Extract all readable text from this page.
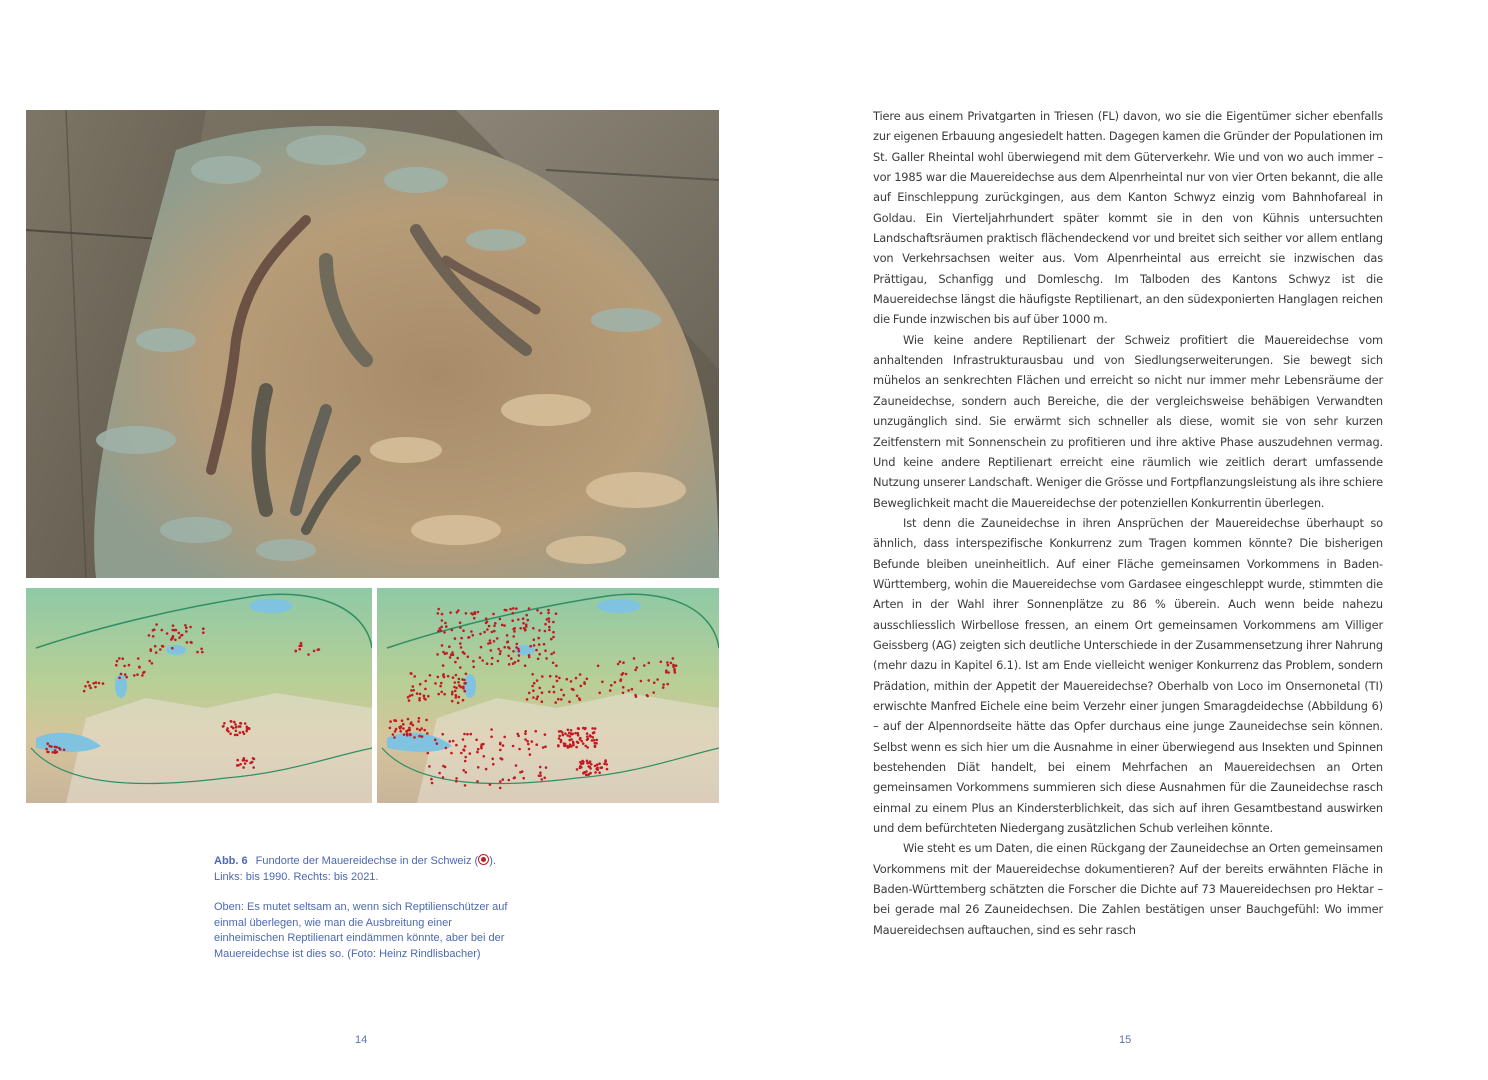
Abb. 6 Fundorte der Mauereidechse in der Schweiz ( ).

Links: bis 1990. Rechts: bis 2021.

Oben: Es mutet seltsam an, wenn sich Reptilienschützer auf einmal überlegen, wie man die Ausbreitung einer einheimischen Reptilienart eindämmen könnte, aber bei der Mauereidechse ist dies so. (Foto: Heinz Rindlisbacher)

14

Tiere aus einem Privatgarten in Triesen (FL) davon, wo sie die Eigentümer sicher ebenfalls zur eigenen Erbauung angesiedelt hatten. Dagegen kamen die Gründer der Populationen im St. Galler Rheintal wohl überwiegend mit dem Güterverkehr. Wie und von wo auch immer – vor 1985 war die Mauereidechse aus dem Alpenrheintal nur von vier Orten bekannt, die alle auf Einschleppung zurückgingen, aus dem Kanton Schwyz einzig vom Bahnhofareal in Goldau. Ein Vierteljahrhundert später kommt sie in den von Kühnis untersuchten Landschaftsräumen praktisch flächendeckend vor und breitet sich seither vor allem entlang von Verkehrsachsen weiter aus. Vom Alpenrheintal aus erreicht sie inzwischen das Prättigau, Schanfigg und Domleschg. Im Talboden des Kantons Schwyz ist die Mauereidechse längst die häufigste Reptilienart, an den südexponierten Hanglagen reichen die Funde inzwischen bis auf über 1000 m.

Wie keine andere Reptilienart der Schweiz profitiert die Mauereidechse vom anhaltenden Infrastrukturausbau und von Siedlungserweiterungen. Sie bewegt sich mühelos an senkrechten Flächen und erreicht so nicht nur immer mehr Lebensräume der Zauneidechse, sondern auch Bereiche, die der vergleichsweise behäbigen Verwandten unzugänglich sind. Sie erwärmt sich schneller als diese, womit sie von sehr kurzen Zeitfenstern mit Sonnenschein zu profitieren und ihre aktive Phase auszudehnen vermag. Und keine andere Reptilienart erreicht eine räumlich wie zeitlich derart umfassende Nutzung unserer Landschaft. Weniger die Grösse und Fortpflanzungsleistung als ihre schiere Beweglichkeit macht die Mauereidechse der potenziellen Konkurrentin überlegen.

Ist denn die Zauneidechse in ihren Ansprüchen der Mauereidechse überhaupt so ähnlich, dass interspezifische Konkurrenz zum Tragen kommen könnte? Die bisherigen Befunde bleiben uneinheitlich. Auf einer Fläche gemeinsamen Vorkommens in Baden-Württemberg, wohin die Mauereidechse vom Gardasee eingeschleppt wurde, stimmten die Arten in der Wahl ihrer Sonnenplätze zu 86 % überein. Auch wenn beide nahezu ausschliesslich Wirbellose fressen, an einem Ort gemeinsamen Vorkommens am Villiger Geissberg (AG) zeigten sich deutliche Unterschiede in der Zusammensetzung ihrer Nahrung (mehr dazu in Kapitel 6.1). Ist am Ende vielleicht weniger Konkurrenz das Problem, sondern Prädation, mithin der Appetit der Mauereidechse? Oberhalb von Loco im Onsernonetal (TI) erwischte Manfred Eichele eine beim Verzehr einer jungen Smaragdeidechse (Abbildung 6) – auf der Alpennordseite hätte das Opfer durchaus eine junge Zauneidechse sein können. Selbst wenn es sich hier um die Ausnahme in einer überwiegend aus Insekten und Spinnen bestehenden Diät handelt, bei einem Mehrfachen an Mauereidechsen an Orten gemeinsamen Vorkommens summieren sich diese Ausnahmen für die Zauneidechse rasch einmal zu einem Plus an Kindersterblichkeit, das sich auf ihren Gesamtbestand auswirken und dem befürchteten Niedergang zusätzlichen Schub verleihen könnte.

Wie steht es um Daten, die einen Rückgang der Zauneidechse an Orten gemeinsamen Vorkommens mit der Mauereidechse dokumentieren? Auf der bereits erwähnten Fläche in Baden-Württemberg schätzten die Forscher die Dichte auf 73 Mauereidechsen pro Hektar – bei gerade mal 26 Zauneidechsen. Die Zahlen bestätigen unser Bauchgefühl: Wo immer Mauereidechsen auftauchen, sind es sehr rasch

15
